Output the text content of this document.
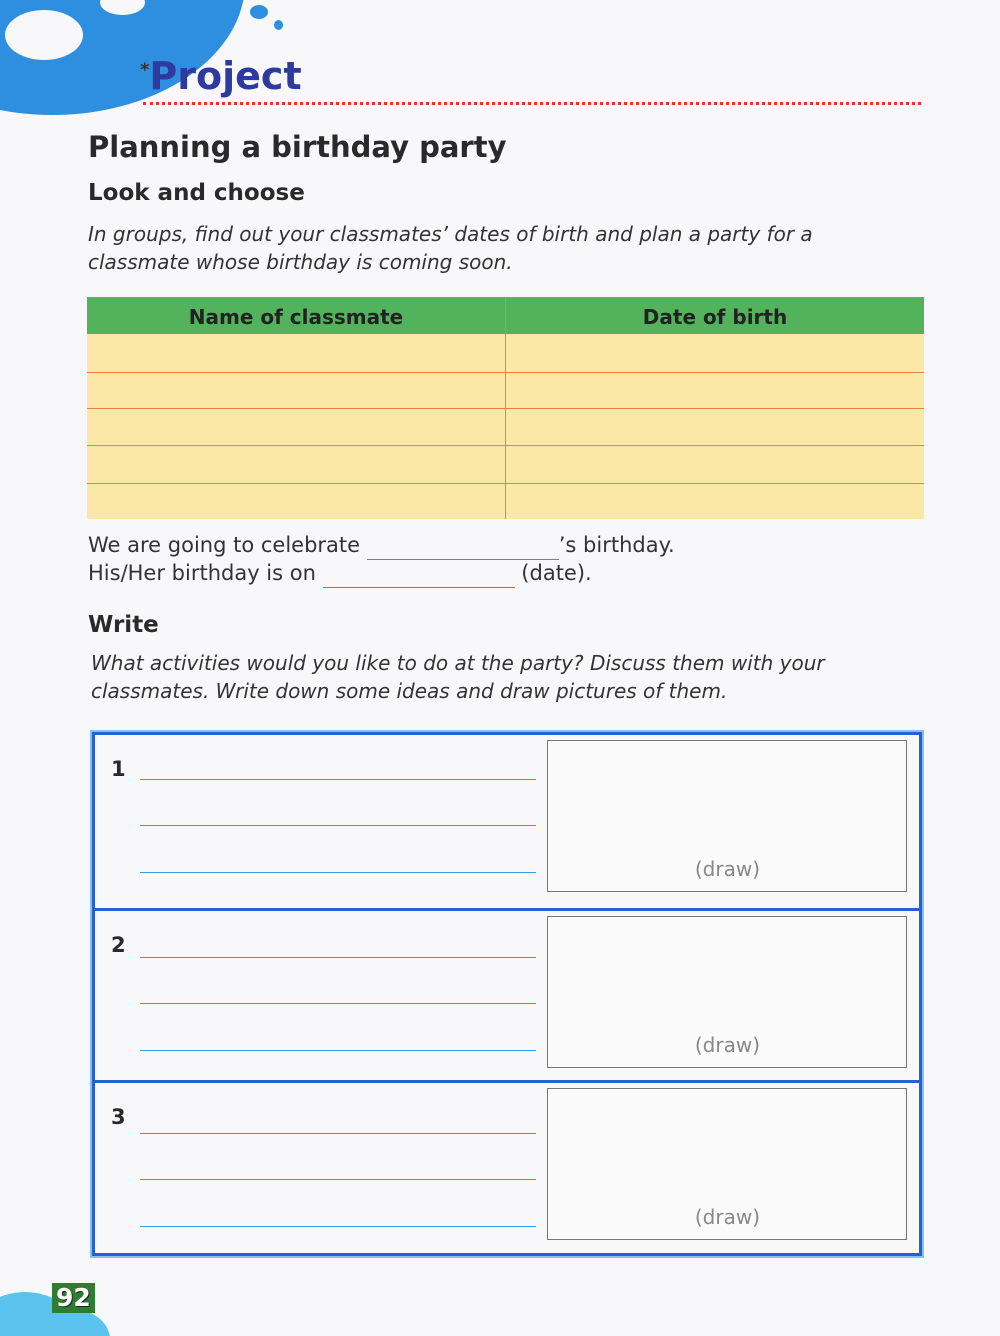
*Project
Planning a birthday party
Look and choose
In groups, find out your classmates’ dates of birth and plan a party for a
classmate whose birthday is coming soon.
Name of classmate	Date of birth
We are going to celebrate	’s birthday.
His/Her birthday is on	(date).
Write
What activities would you like to do at the party? Discuss them with your
classmates. Write down some ideas and draw pictures of them.
1
(draw)
2
(draw)
3
(draw)
92
